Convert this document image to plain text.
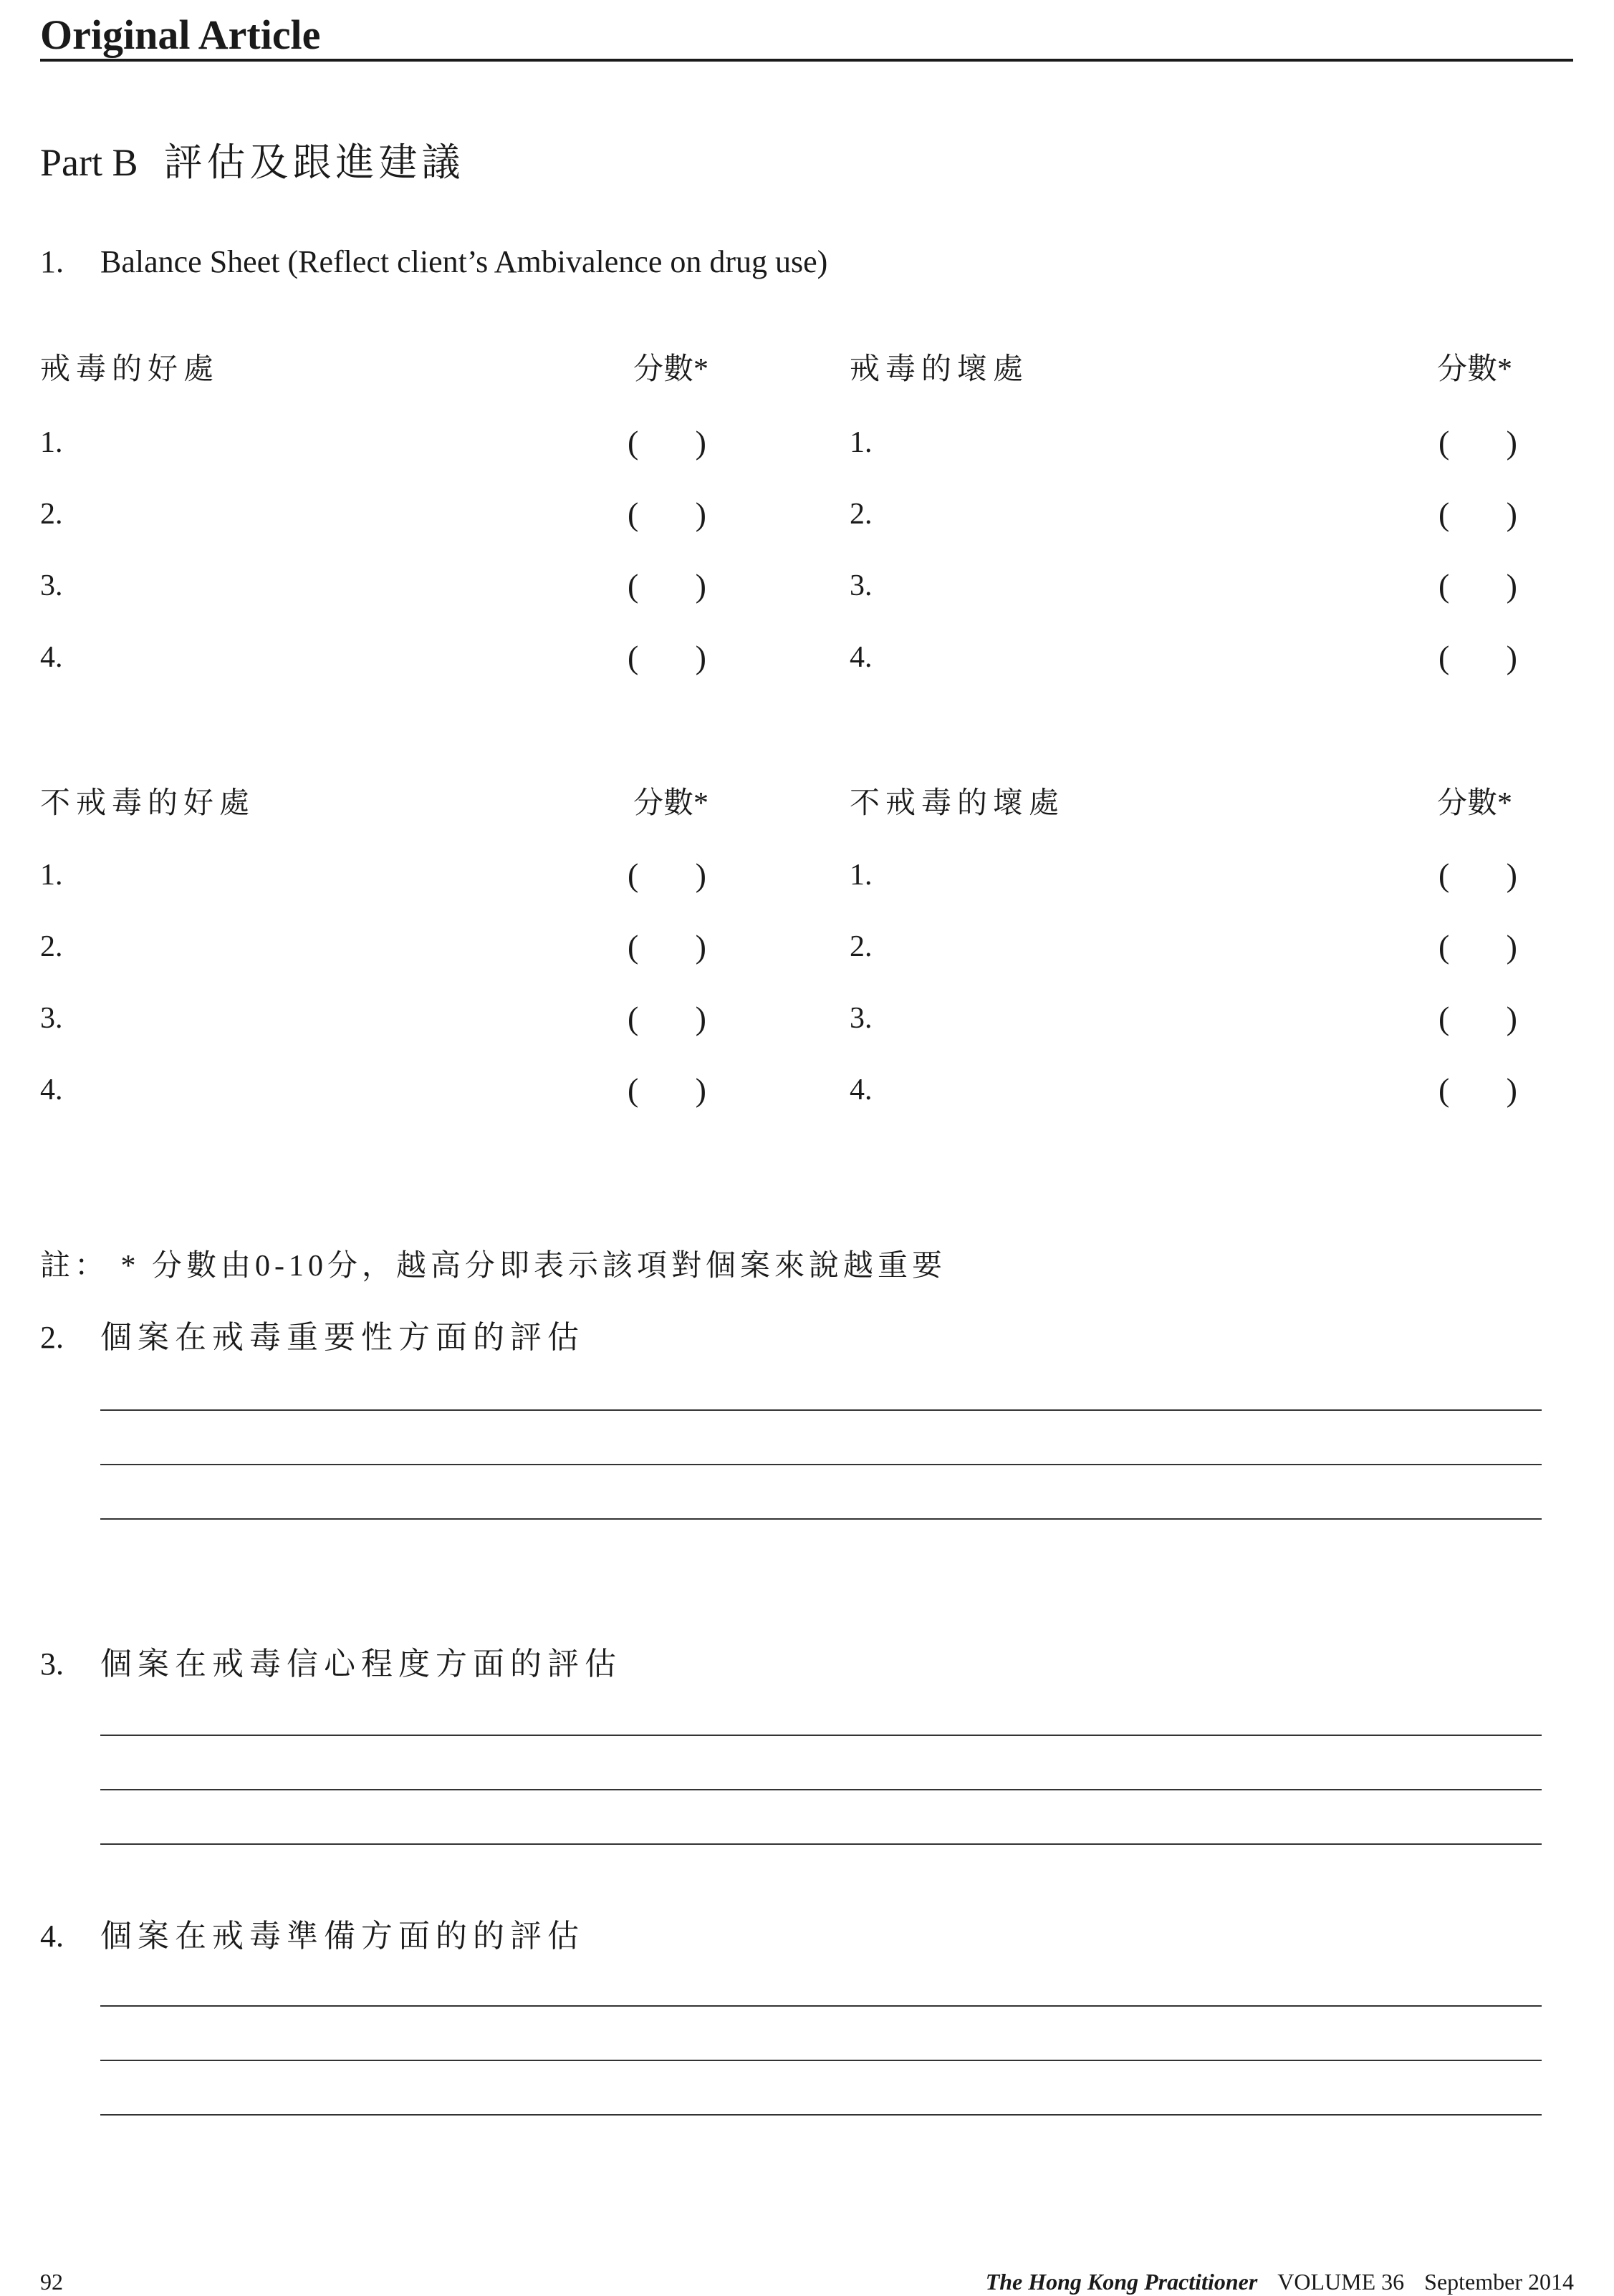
Original Article
Part B 評估及跟進建議
1. Balance Sheet (Reflect client’s Ambivalence on drug use)
戒毒的好處	分數*	戒毒的壞處	分數*
1.	( )	1.	( )
2.	( )	2.	( )
3.	( )	3.	( )
4.	( )	4.	( )
不戒毒的好處	分數*	不戒毒的壞處	分數*
1.	( )	1.	( )
2.	( )	2.	( )
3.	( )	3.	( )
4.	( )	4.	( )
註： * 分數由0-10分，越高分即表示該項對個案來說越重要
2. 個案在戒毒重要性方面的評估
3. 個案在戒毒信心程度方面的評估
4. 個案在戒毒準備方面的的評估
92	The Hong Kong Practitioner VOLUME 36 September 2014
